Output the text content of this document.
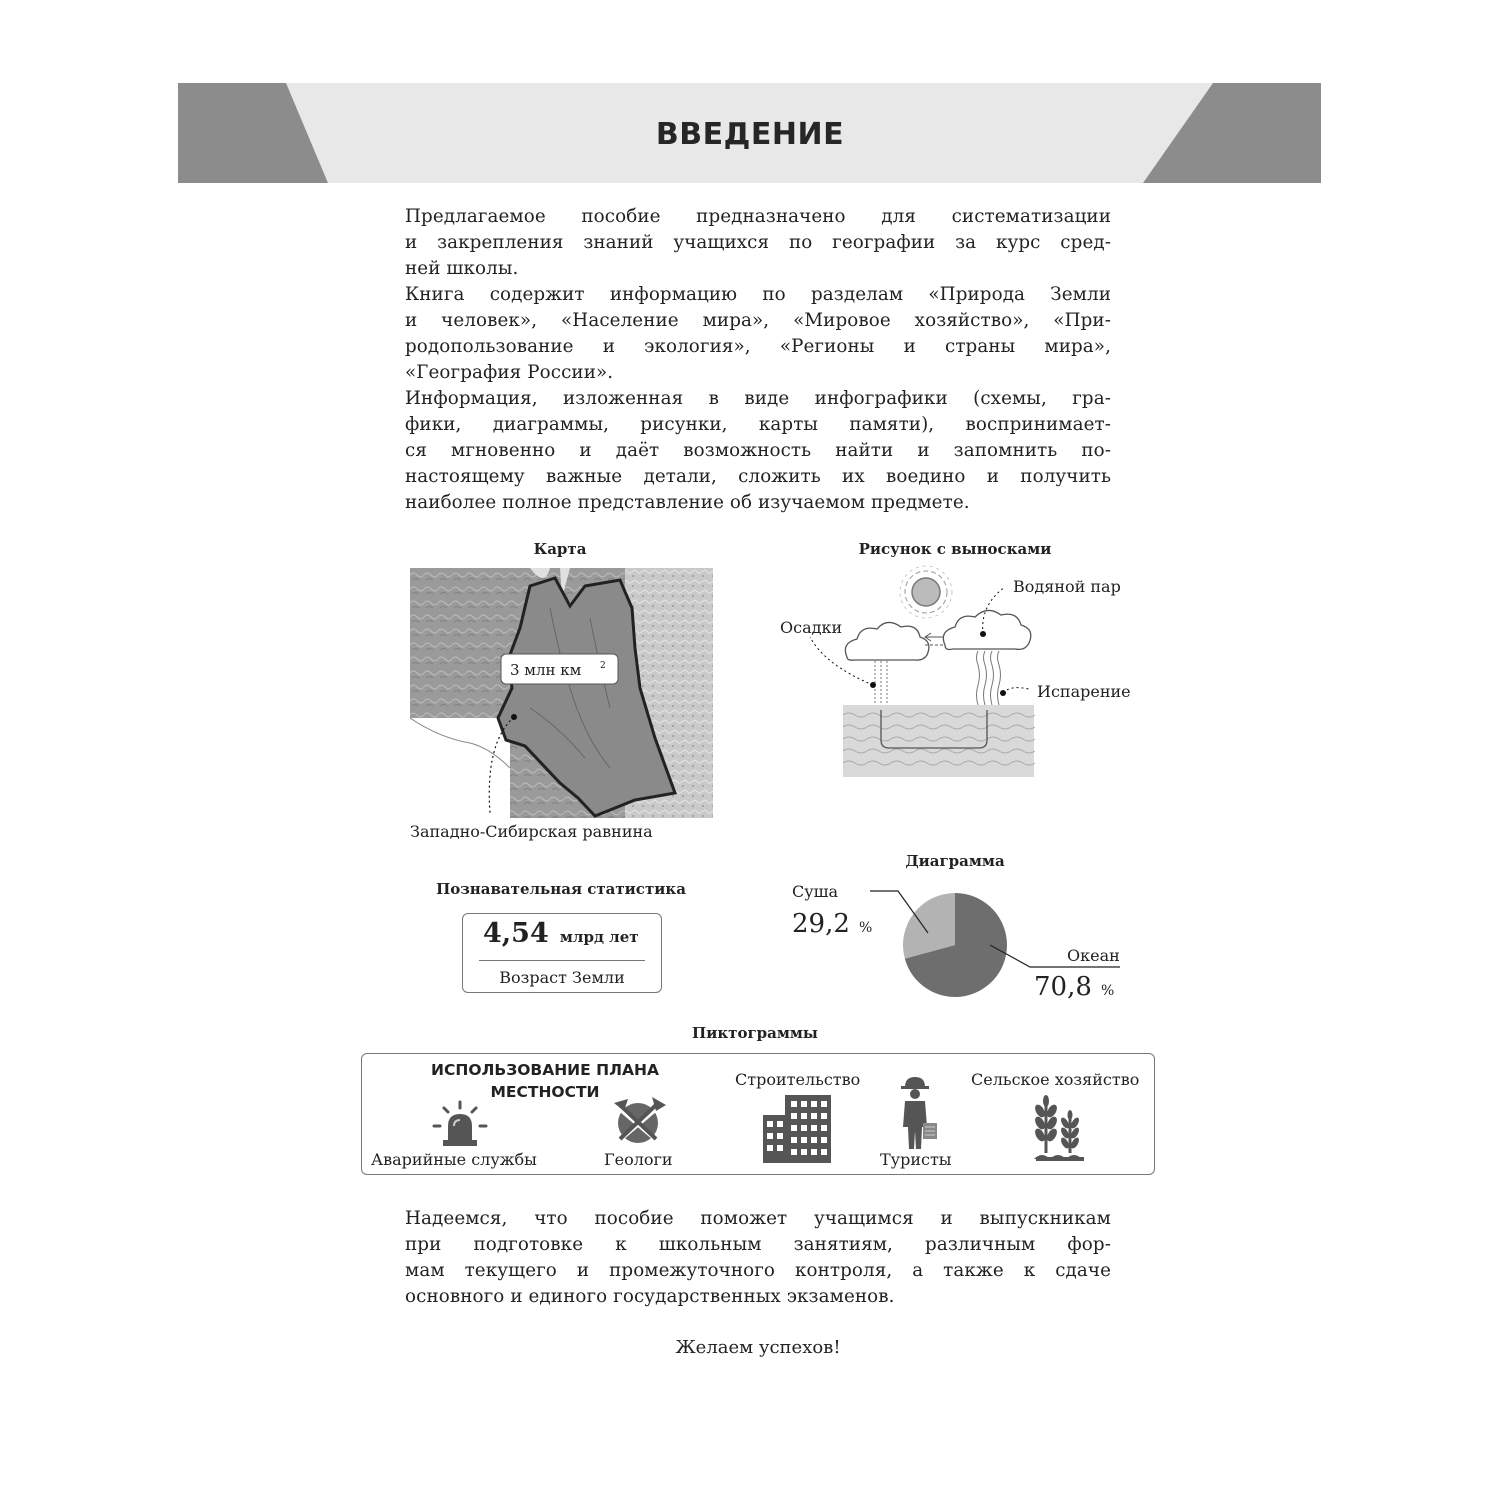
ВВЕДЕНИЕ
Предлагаемое пособие предназначено для систематизации
и закрепления знаний учащихся по географии за курс сред-
ней школы.
Книга содержит информацию по разделам «Природа Земли
и человек», «Население мира», «Мировое хозяйство», «При-
родопользование и экология», «Регионы и страны мира»,
«География России».
Информация, изложенная в виде инфографики (схемы, гра-
фики, диаграммы, рисунки, карты памяти), воспринимает-
ся мгновенно и даёт возможность найти и запомнить по-
настоящему важные детали, сложить их воедино и получить
наиболее полное представление об изучаемом предмете.
Карта
3 млн км 2
Западно-Сибирская равнина
Рисунок с выносками
Водяной пар
Осадки
Испарение
Познавательная статистика
4,54 млрд лет
Возраст Земли
Диаграмма
Суша
29,2 %
Океан
70,8 %
Пиктограммы
ИСПОЛЬЗОВАНИЕ ПЛАНА
МЕСТНОСТИ
Аварийные службы	Геологи
Строительство
Туристы
Сельское хозяйство
Надеемся, что пособие поможет учащимся и выпускникам
при подготовке к школьным занятиям, различным фор-
мам текущего и промежуточного контроля, а также к сдаче
основного и единого государственных экзаменов.
Желаем успехов!
